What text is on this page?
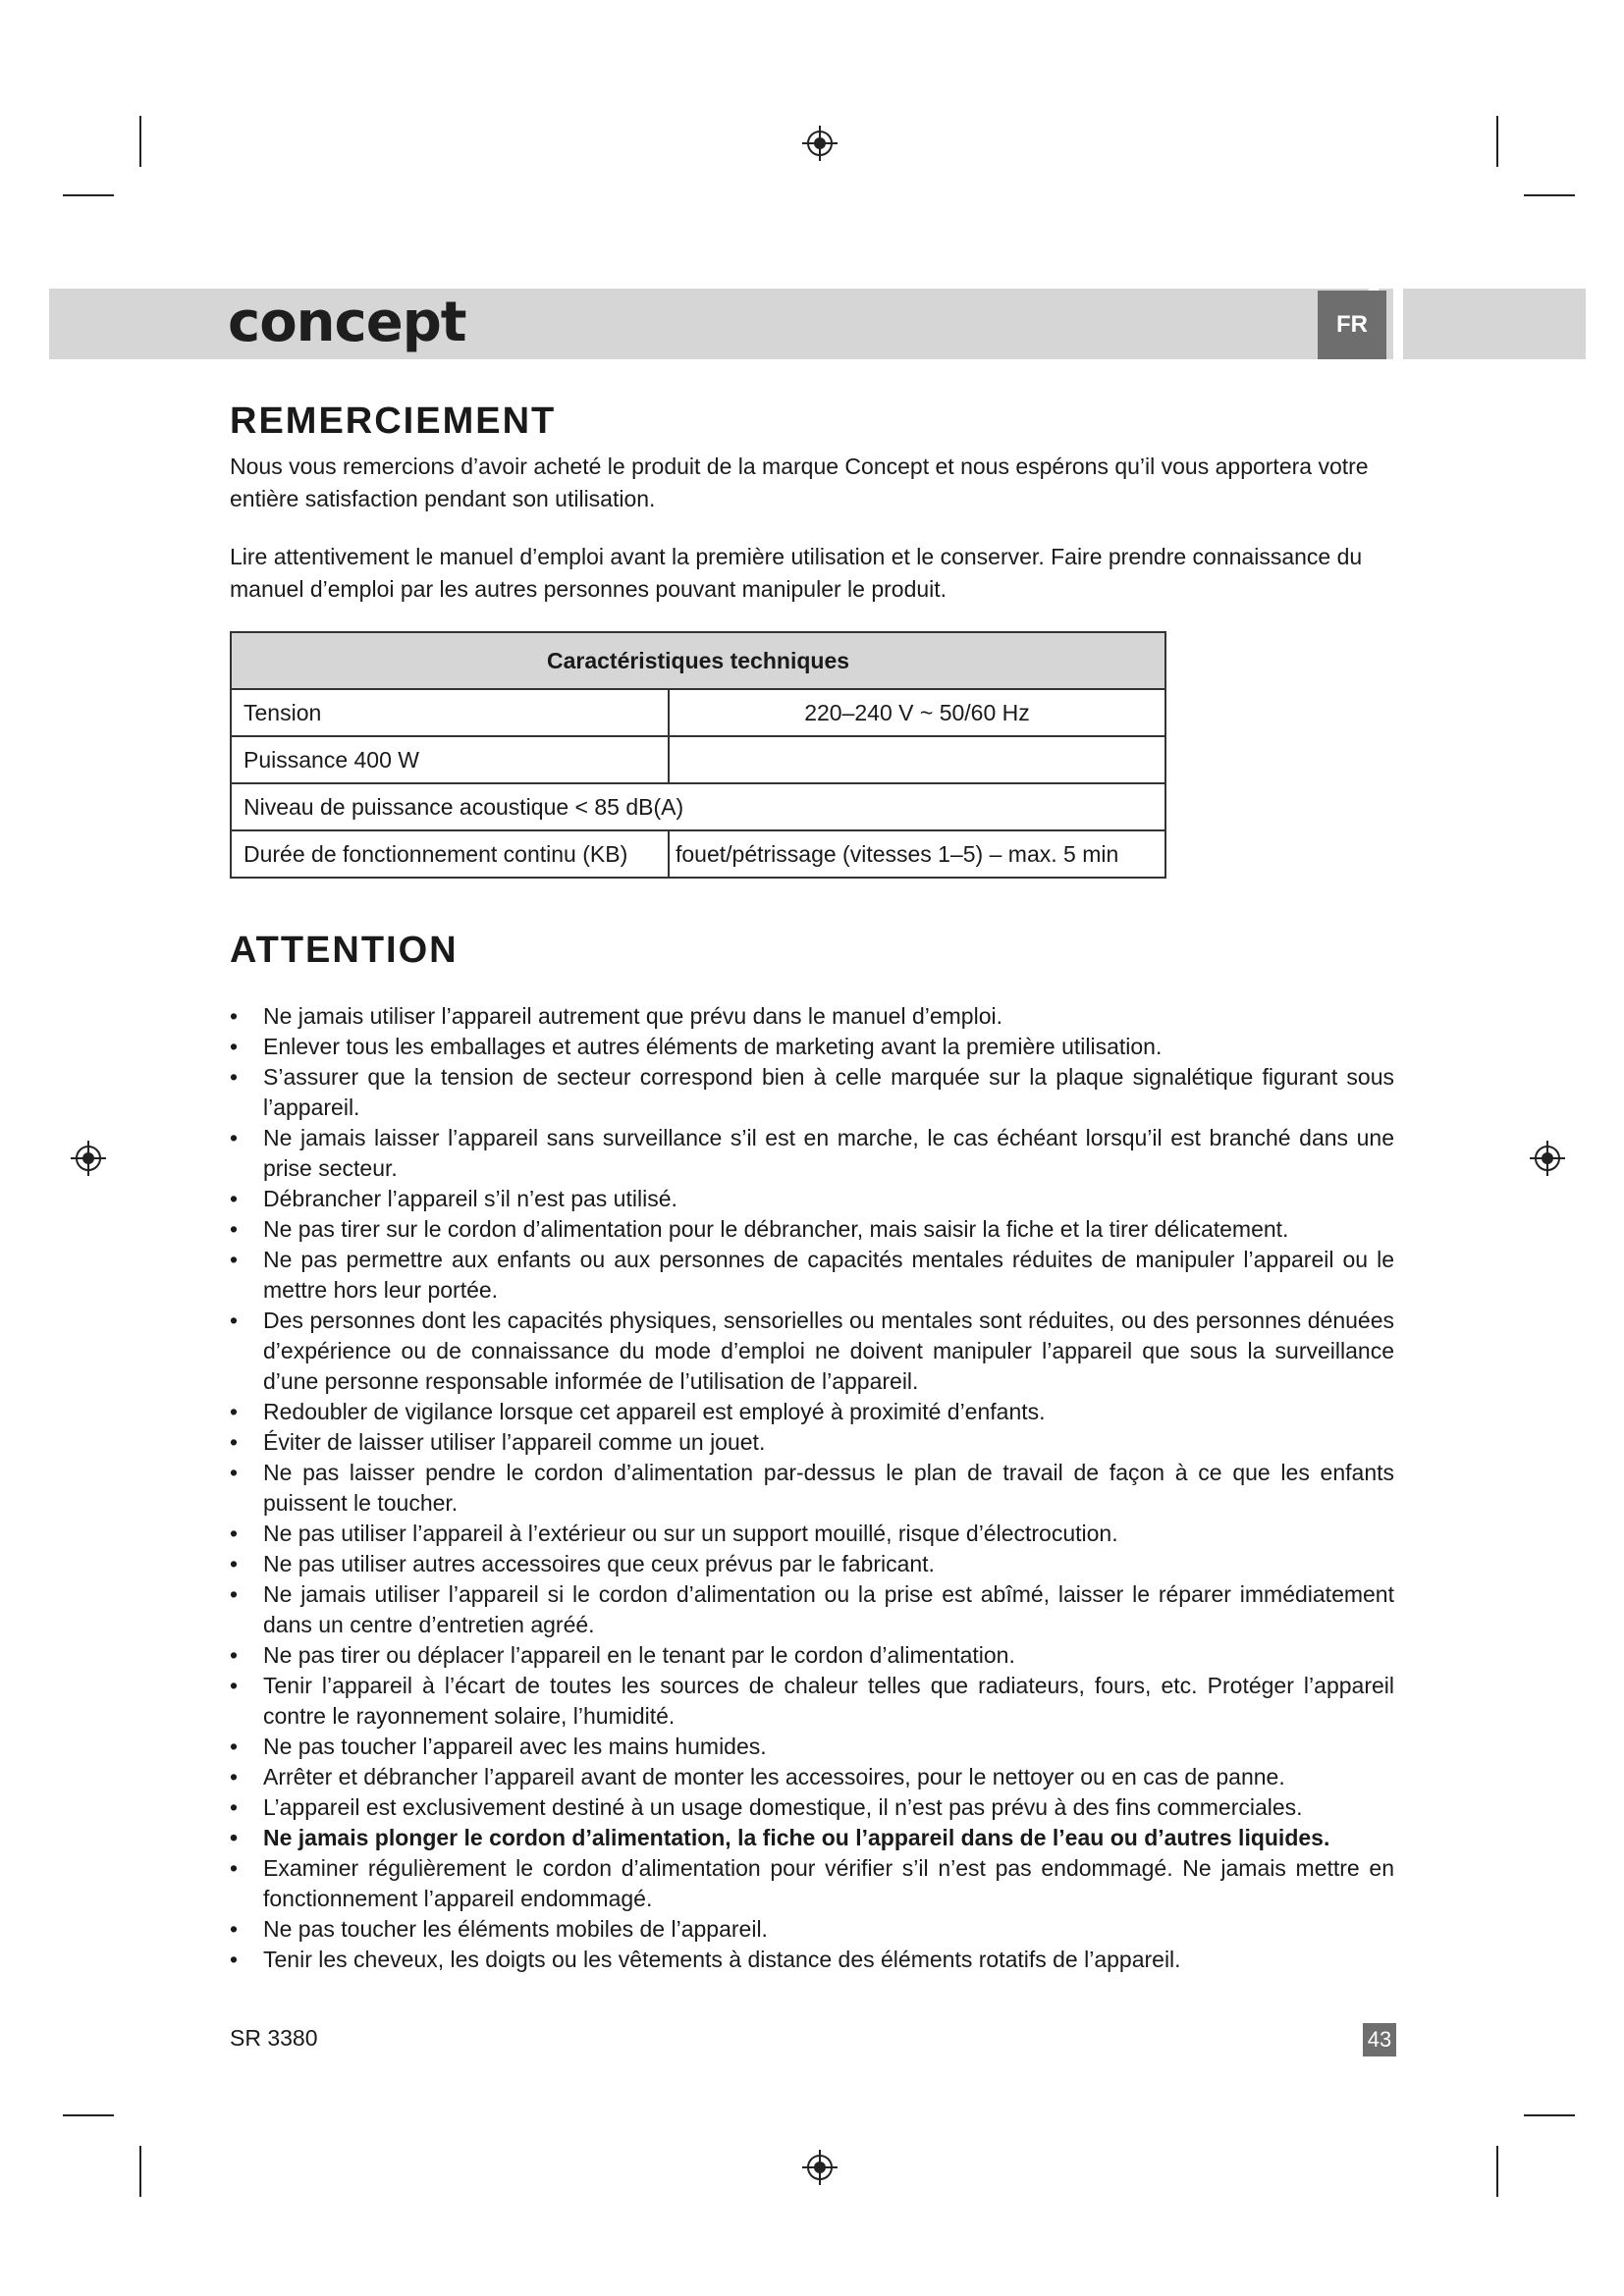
concept	FR
REMERCIEMENT

Nous vous remercions d’avoir acheté le produit de la marque Concept et nous espérons qu’il vous apportera votre entière satisfaction pendant son utilisation.

Lire attentivement le manuel d’emploi avant la première utilisation et le conserver. Faire prendre connaissance du manuel d’emploi par les autres personnes pouvant manipuler le produit.

Caractéristiques techniques	
Tension	220–240 V ~ 50/60 Hz
Puissance 400 W	
Niveau de puissance acoustique < 85 dB(A)	
Durée de fonctionnement continu (KB)	fouet/pétrissage (vitesses 1–5) – max. 5 min
ATTENTION
• Ne jamais utiliser l’appareil autrement que prévu dans le manuel d’emploi.
• Enlever tous les emballages et autres éléments de marketing avant la première utilisation.
• S’assurer que la tension de secteur correspond bien à celle marquée sur la plaque signalétique figurant sous l’appareil.
• Ne jamais laisser l’appareil sans surveillance s’il est en marche, le cas échéant lorsqu’il est branché dans une prise secteur.
• Débrancher l’appareil s’il n’est pas utilisé.
• Ne pas tirer sur le cordon d’alimentation pour le débrancher, mais saisir la fiche et la tirer délicatement.
• Ne pas permettre aux enfants ou aux personnes de capacités mentales réduites de manipuler l’appareil ou le mettre hors leur portée.
• Des personnes dont les capacités physiques, sensorielles ou mentales sont réduites, ou des personnes dénuées d’expérience ou de connaissance du mode d’emploi ne doivent manipuler l’appareil que sous la surveillance d’une personne responsable informée de l’utilisation de l’appareil.
• Redoubler de vigilance lorsque cet appareil est employé à proximité d’enfants.
• Éviter de laisser utiliser l’appareil comme un jouet.
• Ne pas laisser pendre le cordon d’alimentation par-dessus le plan de travail de façon à ce que les enfants puissent le toucher.
• Ne pas utiliser l’appareil à l’extérieur ou sur un support mouillé, risque d’électrocution.
• Ne pas utiliser autres accessoires que ceux prévus par le fabricant.
• Ne jamais utiliser l’appareil si le cordon d’alimentation ou la prise est abîmé, laisser le réparer immédiatement dans un centre d’entretien agréé.
• Ne pas tirer ou déplacer l’appareil en le tenant par le cordon d’alimentation.
• Tenir l’appareil à l’écart de toutes les sources de chaleur telles que radiateurs, fours, etc. Protéger l’appareil contre le rayonnement solaire, l’humidité.
• Ne pas toucher l’appareil avec les mains humides.
• Arrêter et débrancher l’appareil avant de monter les accessoires, pour le nettoyer ou en cas de panne.
• L’appareil est exclusivement destiné à un usage domestique, il n’est pas prévu à des fins commerciales.
• Ne jamais plonger le cordon d’alimentation, la fiche ou l’appareil dans de l’eau ou d’autres liquides.
• Examiner régulièrement le cordon d’alimentation pour vérifier s’il n’est pas endommagé. Ne jamais mettre en fonctionnement l’appareil endommagé.
• Ne pas toucher les éléments mobiles de l’appareil.
• Tenir les cheveux, les doigts ou les vêtements à distance des éléments rotatifs de l’appareil.
SR 3380	43
